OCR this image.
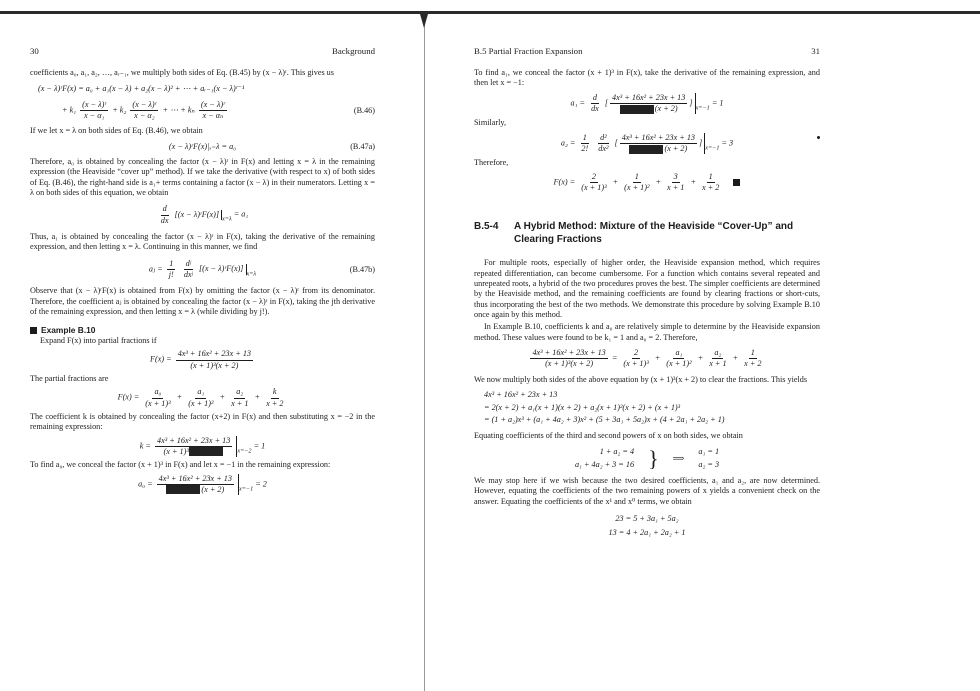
30	Background

coefficients a₀, a₁, a₂, …, aᵣ₋₁, we multiply both sides of Eq. (B.45) by (x − λ)ʳ. This gives us

(x − λ)ʳF(x) = a₀ + a₁(x − λ) + a₂(x − λ)² + ⋯ + aᵣ₋₁(x − λ)ʳ⁻¹
+ $k_1 \frac{\text{(x − λ)ʳ}}{\text{x − α₁}} + k_2 \frac{\text{(x − λ)ʳ}}{\text{x − α₂}}$ + ⋯ + kₙ $\frac{\text{(x − λ)ʳ}}{\text{x − αₙ}}$	(B.46)

If we let x = λ on both sides of Eq. (B.46), we obtain

(x − λ)ʳF(x)|ₓ₌λ = a₀	(B.47a)

Therefore, a₀ is obtained by concealing the factor (x − λ)ʳ in F(x) and letting x = λ in the remaining expression (the Heaviside “cover up” method). If we take the derivative (with respect to x) of both sides of Eq. (B.46), the right-hand side is a₁+ terms containing a factor (x − λ) in their numerators. Letting x = λ on both sides of this equation, we obtain

$\frac{d}{dx} [(x$ − $\lambda)ʳF(x)]_{x=\lambda} = a_1$

Thus, a₁ is obtained by concealing the factor (x − λ)ʳ in F(x), taking the derivative of the remaining expression, and then letting x = λ. Continuing in this manner, we find

aⱼ = $\frac{1}{j!}$
$\frac{\text{dʲ}}{\text{dxʲ}} [(x$ − $\lambda)ʳF(x)]_{x=\lambda}$
(B.47b)

Observe that (x − λ)ʳF(x) is obtained from F(x) by omitting the factor (x − λ)ʳ from its denominator. Therefore, the coefficient aⱼ is obtained by concealing the factor (x − λ)ʳ in F(x), taking the jth derivative of the remaining expression, and then letting x = λ (while dividing by j!).

Example B.10

Expand F(x) into partial fractions if

$F(x) = \frac{\text{4x³ + 16x² + 23x + 13}}{\text{(x + 1)³(x + 2)}}$

The partial fractions are

$F(x) = \frac{\text{a₀}}{\text{(x + 1)³}} + \frac{\text{a₁}}{\text{(x + 1)²}} + \frac{\text{a₂}}{x + 1} + \frac{k}{x + 2}$

The coefficient k is obtained by concealing the factor (x+2) in F(x) and then substituting x = −2 in the remaining expression:

$k = \frac{\text{4x³ + 16x² + 23x + 13}}{\text{(x + 1)³}} _{x=-2} = 1$

To find a₀, we conceal the factor (x + 1)³ in F(x) and let x = −1 in the remaining expression:

$a_0 = \frac{\text{4x³ + 16x² + 23x + 13}}{(x + 2)} _{x=-1} = 2$
B.5 Partial Fraction Expansion	31

To find a₁, we conceal the factor (x + 1)³ in F(x), take the derivative of the remaining expression, and then let x = −1:

$a_1 = \frac{d}{dx}$ [ $\frac{\text{4x³ + 16x² + 23x + 13}}{(x + 2)} ]_{x=-1} = 1$

Similarly,

$a_2 = \frac{1}{2!}$
$\frac{\text{d²}}{\text{dx²}}$ [ $\frac{\text{4x³ + 16x² + 23x + 13}}{(x + 2)} ]_{x=-1} = 3$

Therefore,

$F(x) = \frac{2}{\text{(x + 1)³}} + \frac{1}{\text{(x + 1)²}} + \frac{3}{x + 1} + \frac{1}{x + 2}$

B.5-4	A Hybrid Method: Mixture of the Heaviside “Cover-Up” and Clearing Fractions

For multiple roots, especially of higher order, the Heaviside expansion method, which requires repeated differentiation, can become cumbersome. For a function which contains several repeated and unrepeated roots, a hybrid of the two procedures proves the best. The simpler coefficients are determined by the Heaviside method, and the remaining coefficients are found by clearing fractions or short-cuts, thus incorporating the best of the two methods. We demonstrate this procedure by solving Example B.10 once again by this method.

In Example B.10, coefficients k and a₀ are relatively simple to determine by the Heaviside expansion method. These values were found to be k₁ = 1 and a₀ = 2. Therefore,

$\frac{\text{4x³ + 16x² + 23x + 13}}{\text{(x + 1)³(x + 2)}} = \frac{2}{\text{(x + 1)³}} + \frac{\text{a₁}}{\text{(x + 1)²}} + \frac{\text{a₂}}{x + 1} + \frac{1}{x + 2}$

We now multiply both sides of the above equation by (x + 1)³(x + 2) to clear the fractions. This yields

4x³ + 16x² + 23x + 13
= 2(x + 2) + a₁(x + 1)(x + 2) + a₂(x + 1)²(x + 2) + (x + 1)³
= (1 + a₂)x³ + (a₁ + 4a₂ + 3)x² + (5 + 3a₁ + 5a₂)x + (4 + 2a₁ + 2a₂ + 1)

Equating coefficients of the third and second powers of x on both sides, we obtain

1 + a₂ = 4
a₁ + 4a₂ + 3 = 16 } ⟹
a₁ = 1
a₂ = 3

We may stop here if we wish because the two desired coefficients, a₁ and a₂, are now determined. However, equating the coefficients of the two remaining powers of x yields a convenient check on the answer. Equating the coefficients of the x¹ and x⁰ terms, we obtain

23 = 5 + 3a₁ + 5a₂
13 = 4 + 2a₁ + 2a₂ + 1
